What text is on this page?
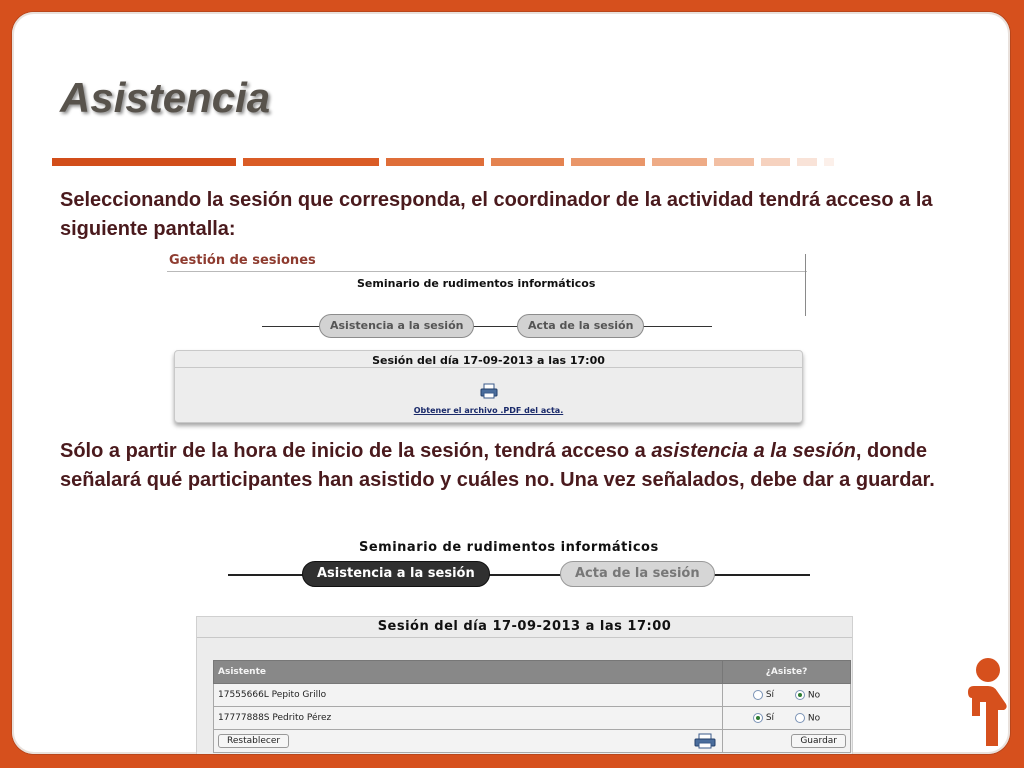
Asistencia

Seleccionando la sesión que corresponda, el coordinador de la actividad tendrá acceso a la siguiente pantalla:

Gestión de sesiones
Seminario de rudimentos informáticos
Asistencia a la sesión	Acta de la sesión
Sesión del día 17-09-2013 a las 17:00
Obtener el archivo .PDF del acta.

Sólo a partir de la hora de inicio de la sesión, tendrá acceso a asistencia a la sesión, donde señalará qué participantes han asistido y cuáles no. Una vez señalados, debe dar a guardar.

Seminario de rudimentos informáticos
Asistencia a la sesión	Acta de la sesión
Sesión del día 17-09-2013 a las 17:00
Asistente	¿Asiste?
17555666L Pepito Grillo	Sí No
17777888S Pedrito Pérez	Sí No
Restablecer	Guardar
